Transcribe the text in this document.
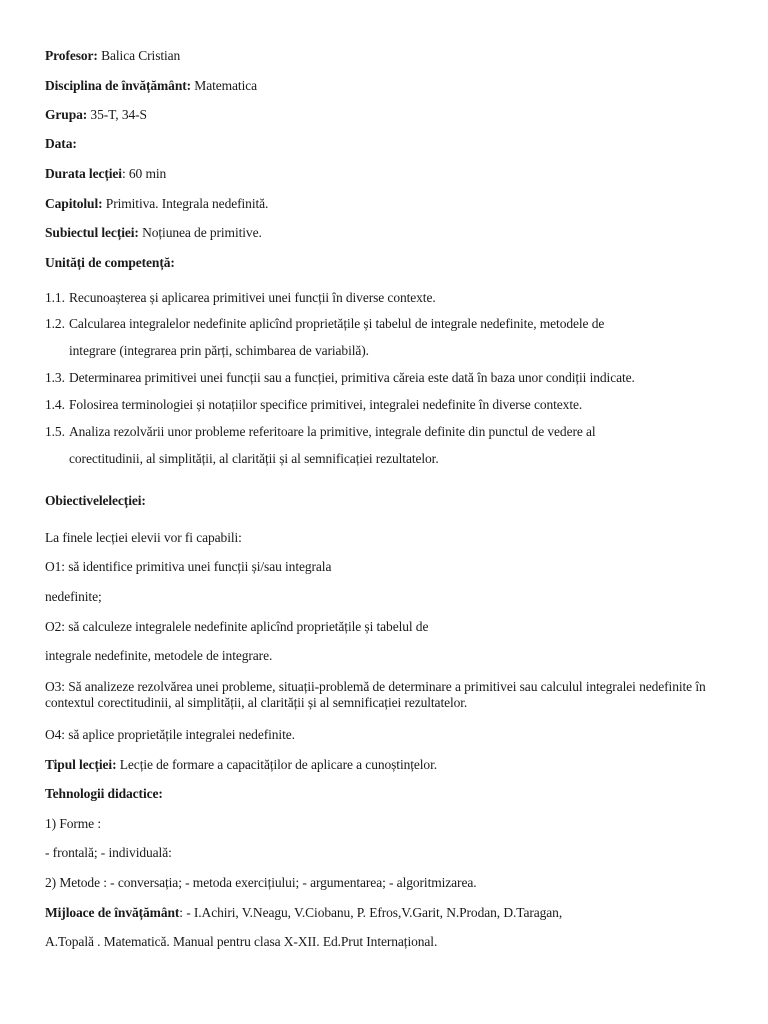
Profesor: Balica Cristian
Disciplina de învățământ: Matematica
Grupa: 35-T, 34-S
Data:
Durata lecției: 60 min
Capitolul: Primitiva. Integrala nedefinită.
Subiectul lecției: Noțiunea de primitive.
Unități de competență:
1.1. Recunoașterea și aplicarea primitivei unei funcții în diverse contexte.
1.2. Calcularea integralelor nedefinite aplicînd proprietățile și tabelul de integrale nedefinite, metodele de
integrare (integrarea prin părți, schimbarea de variabilă).
1.3. Determinarea primitivei unei funcții sau a funcției, primitiva căreia este dată în baza unor condiții indicate.
1.4. Folosirea terminologiei și notațiilor specifice primitivei, integralei nedefinite în diverse contexte.
1.5. Analiza rezolvării unor probleme referitoare la primitive, integrale definite din punctul de vedere al
corectitudinii, al simplității, al clarității și al semnificației rezultatelor.
Obiectivelelecției:
La finele lecției elevii vor fi capabili:
O1: să identifice primitiva unei funcții și/sau integrala
nedefinite;
O2: să calculeze integralele nedefinite aplicînd proprietățile și tabelul de
integrale nedefinite, metodele de integrare.
O3: Să analizeze rezolvărea unei probleme, situații-problemă de determinare a primitivei sau calculul integralei nedefinite în contextul corectitudinii, al simplității, al clarității și al semnificației rezultatelor.
O4: să aplice proprietățile integralei nedefinite.
Tipul lecției: Lecție de formare a capacităților de aplicare a cunoștințelor.
Tehnologii didactice:
1) Forme :
- frontală; - individuală:
2) Metode : - conversația; - metoda exercițiului; - argumentarea; - algoritmizarea.
Mijloace de învățământ: - I.Achiri, V.Neagu, V.Ciobanu, P. Efros,V.Garit, N.Prodan, D.Taragan,
A.Topală . Matematică. Manual pentru clasa X-XII. Ed.Prut Internațional.
